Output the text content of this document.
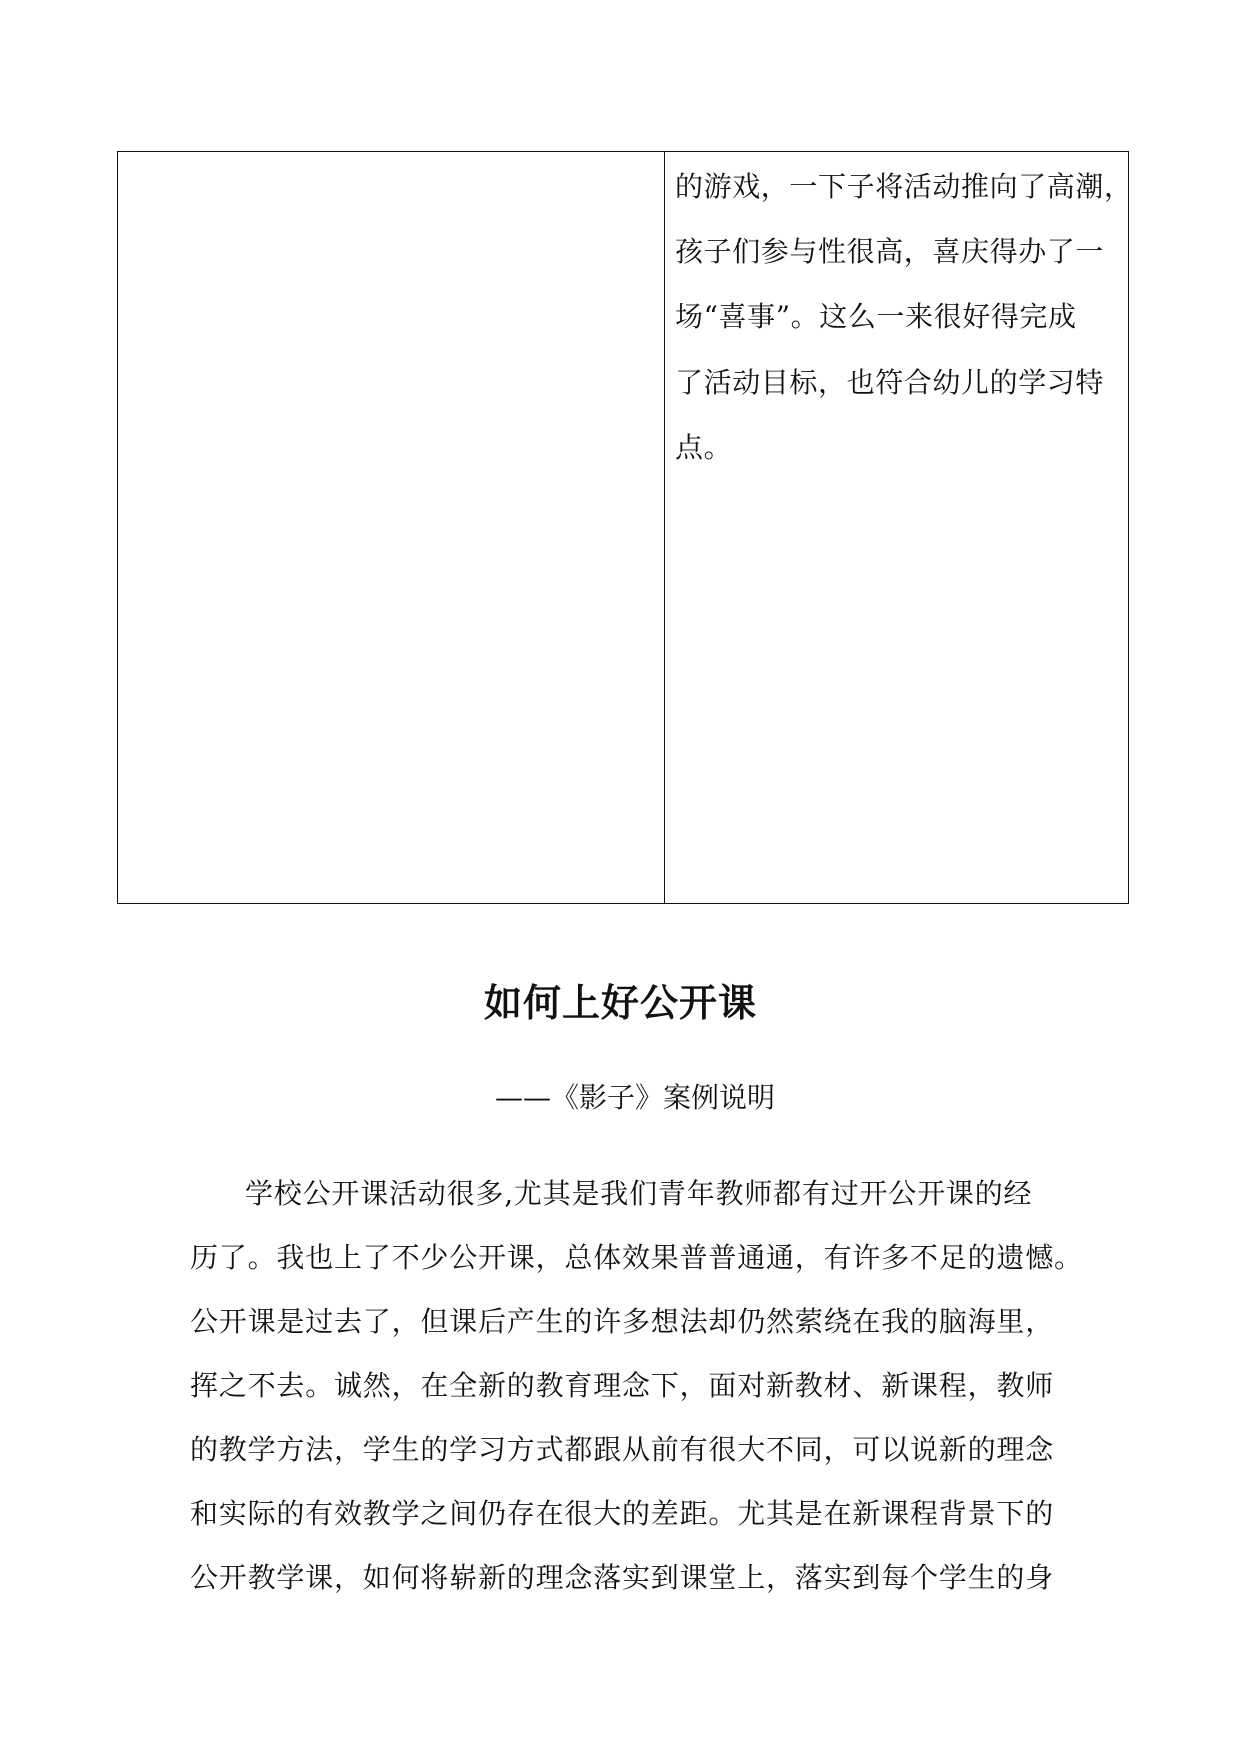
的游戏，一下子将活动推向了高潮，
孩子们参与性很高，喜庆得办了一
场“喜事”。这么一来很好得完成
了活动目标，也符合幼儿的学习特
点。
如何上好公开课
——《影子》案例说明
学校公开课活动很多,尤其是我们青年教师都有过开公开课的经
历了。我也上了不少公开课，总体效果普普通通，有许多不足的遗憾。
公开课是过去了，但课后产生的许多想法却仍然萦绕在我的脑海里，
挥之不去。诚然，在全新的教育理念下，面对新教材、新课程，教师
的教学方法，学生的学习方式都跟从前有很大不同，可以说新的理念
和实际的有效教学之间仍存在很大的差距。尤其是在新课程背景下的
公开教学课，如何将崭新的理念落实到课堂上，落实到每个学生的身
